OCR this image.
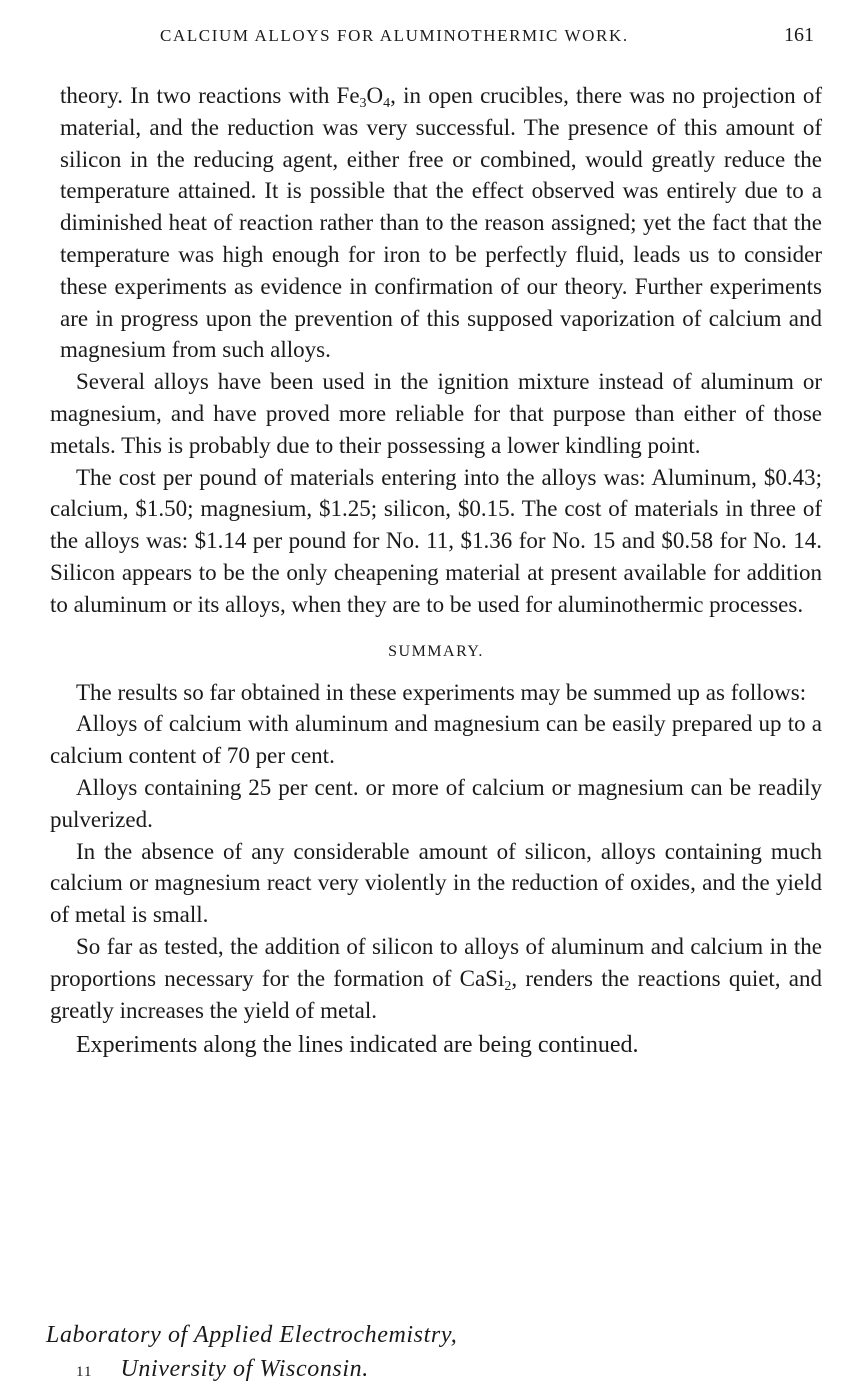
CALCIUM ALLOYS FOR ALUMINOTHERMIC WORK.	161

theory. In two reactions with $Fe_3O_4$, in open crucibles, there was no projection of material, and the reduction was very successful. The presence of this amount of silicon in the reducing agent, either free or combined, would greatly reduce the temperature attained. It is possible that the effect observed was entirely due to a diminished heat of reaction rather than to the reason assigned; yet the fact that the temperature was high enough for iron to be perfectly fluid, leads us to consider these experiments as evidence in confirmation of our theory. Further experiments are in progress upon the prevention of this supposed vaporization of calcium and magnesium from such alloys.

Several alloys have been used in the ignition mixture instead of aluminum or magnesium, and have proved more reliable for that purpose than either of those metals. This is probably due to their possessing a lower kindling point.

The cost per pound of materials entering into the alloys was: Aluminum, $0.43; calcium, $1.50; magnesium, $1.25; silicon, $0.15. The cost of materials in three of the alloys was: $1.14 per pound for No. 11, $1.36 for No. 15 and $0.58 for No. 14. Silicon appears to be the only cheapening material at present available for addition to aluminum or its alloys, when they are to be used for aluminothermic processes.

SUMMARY.

The results so far obtained in these experiments may be summed up as follows:

Alloys of calcium with aluminum and magnesium can be easily prepared up to a calcium content of 70 per cent.

Alloys containing 25 per cent. or more of calcium or magnesium can be readily pulverized.

In the absence of any considerable amount of silicon, alloys containing much calcium or magnesium react very violently in the reduction of oxides, and the yield of metal is small.

So far as tested, the addition of silicon to alloys of aluminum and calcium in the proportions necessary for the formation of CaSi$_2$, renders the reactions quiet, and greatly increases the yield of metal.

Experiments along the lines indicated are being continued.

Laboratory of Applied Electrochemistry,
11 University of Wisconsin.
